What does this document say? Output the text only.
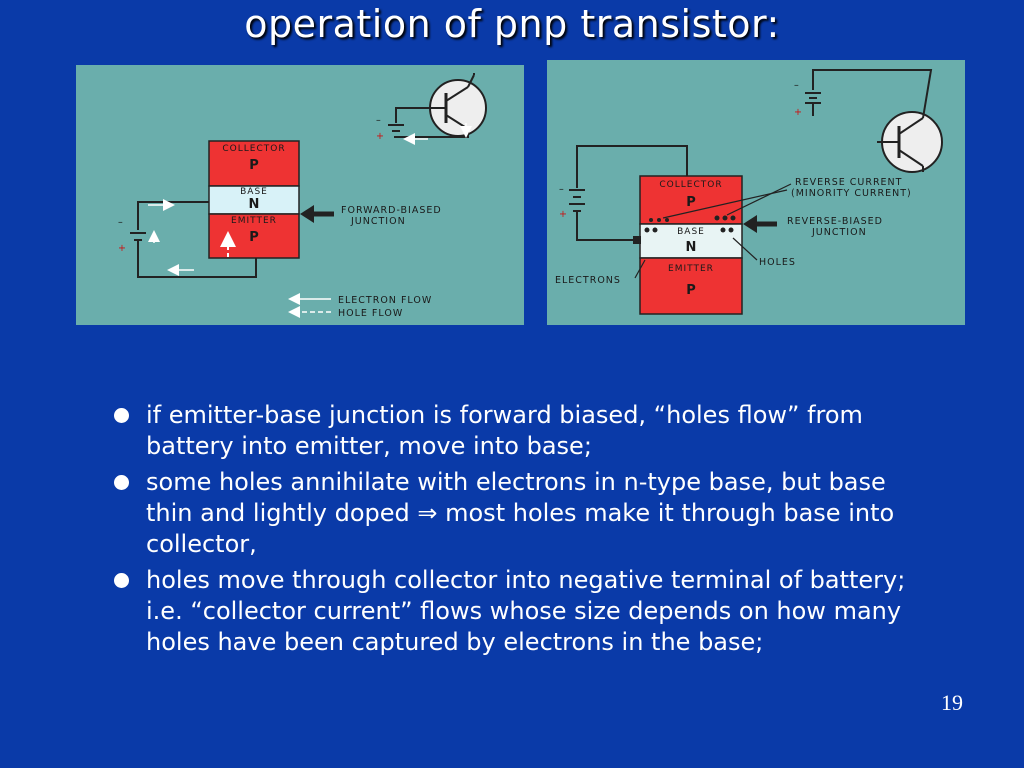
operation of pnp transistor:
–
+
COLLECTOR
P
BASE
N
EMITTER
P
–
+
FORWARD-BIASED
JUNCTION
ELECTRON FLOW
HOLE FLOW
–
+
COLLECTOR
P
BASE
N
EMITTER
P
–
+
REVERSE CURRENT
(MINORITY CURRENT)
REVERSE-BIASED
JUNCTION
HOLES
ELECTRONS
if emitter-base junction is forward biased, “holes flow” from battery into emitter, move into base;
some holes annihilate with electrons in n-type base, but base thin and lightly doped ⇒ most holes make it through base into collector,
holes move through collector into negative terminal of battery; i.e. “collector current” flows whose size depends on how many holes have been captured by electrons in the base;
19
